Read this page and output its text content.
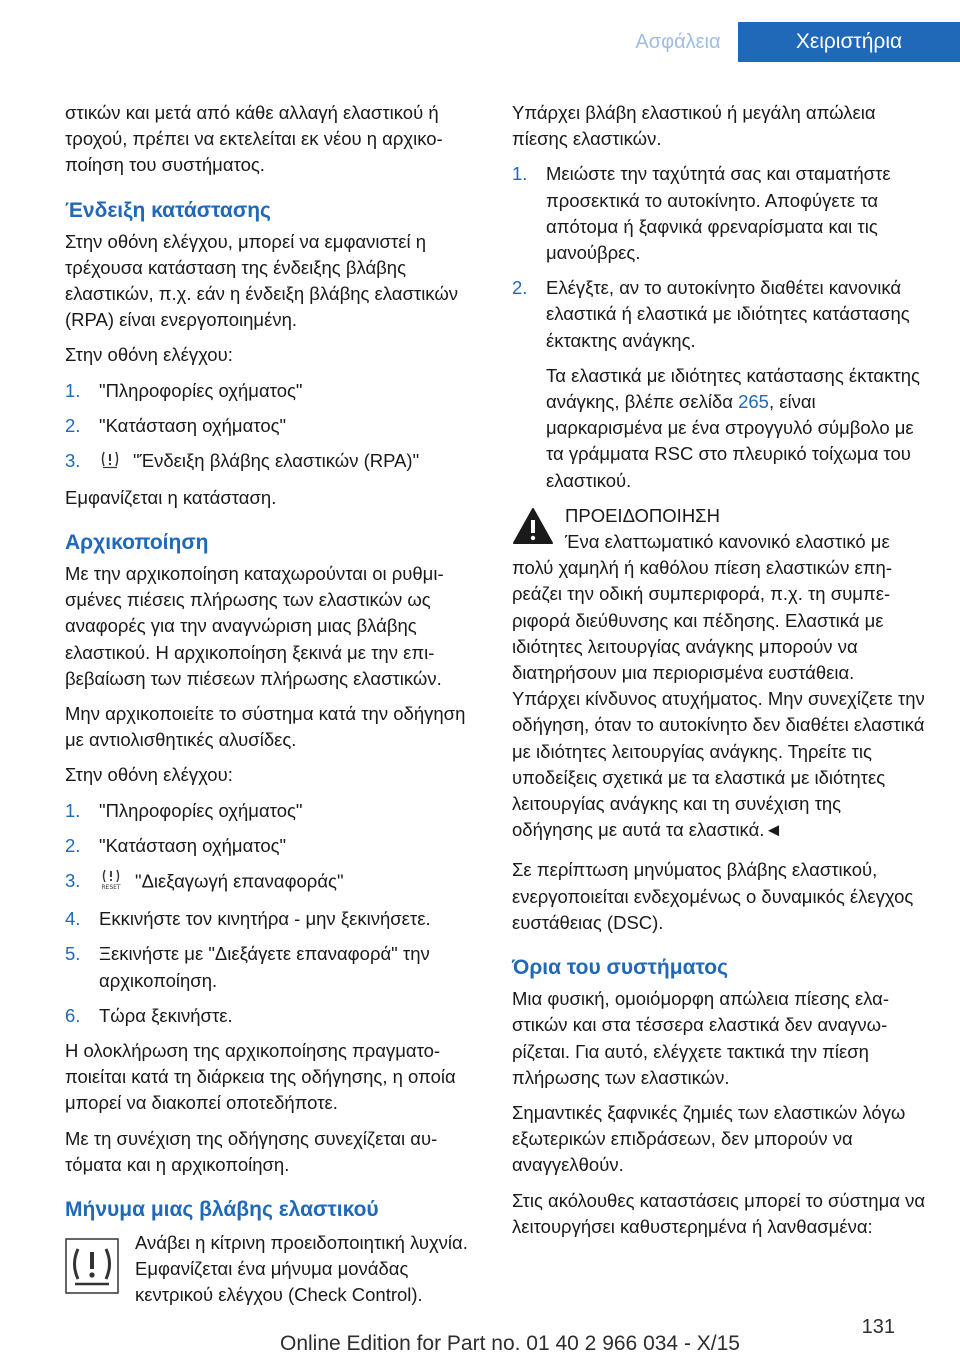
Ασφάλεια	Χειριστήρια

στικών και μετά από κάθε αλλαγή ελαστικού ή τροχού, πρέπει να εκτελείται εκ νέου η αρχικοποίηση του συστήματος.

Ένδειξη κατάστασης

Στην οθόνη ελέγχου, μπορεί να εμφανιστεί η τρέχουσα κατάσταση της ένδειξης βλάβης ελαστικών, π.χ. εάν η ένδειξη βλάβης ελαστικών (RPA) είναι ενεργοποιημένη.

Στην οθόνη ελέγχου:

1. "Πληροφορίες οχήματος"
2. "Κατάσταση οχήματος"
3.	"Ένδειξη βλάβης ελαστικών (RPA)"

Εμφανίζεται η κατάσταση.

Αρχικοποίηση

Με την αρχικοποίηση καταχωρούνται οι ρυθμισμένες πιέσεις πλήρωσης των ελαστικών ως αναφορές για την αναγνώριση μιας βλάβης ελαστικού. Η αρχικοποίηση ξεκινά με την επιβεβαίωση των πιέσεων πλήρωσης ελαστικών.

Μην αρχικοποιείτε το σύστημα κατά την οδήγηση με αντιολισθητικές αλυσίδες.

Στην οθόνη ελέγχου:

1. "Πληροφορίες οχήματος"
2. "Κατάσταση οχήματος"
3.	RESET "Διεξαγωγή επαναφοράς"
4. Εκκινήστε τον κινητήρα - μην ξεκινήσετε.
5. Ξεκινήστε με "Διεξάγετε επαναφορά" την αρχικοποίηση.
6. Τώρα ξεκινήστε.

Η ολοκλήρωση της αρχικοποίησης πραγματοποιείται κατά τη διάρκεια της οδήγησης, η οποία μπορεί να διακοπεί οποτεδήποτε.

Με τη συνέχιση της οδήγησης συνεχίζεται αυτόματα και η αρχικοποίηση.

Μήνυμα μιας βλάβης ελαστικού

Ανάβει η κίτρινη προειδοποιητική λυχνία. Εμφανίζεται ένα μήνυμα μονάδας κεντρικού ελέγχου (Check Control).

Υπάρχει βλάβη ελαστικού ή μεγάλη απώλεια πίεσης ελαστικών.

1. Μειώστε την ταχύτητά σας και σταματήστε προσεκτικά το αυτοκίνητο. Αποφύγετε τα απότομα ή ξαφνικά φρεναρίσματα και τις μανούβρες.
2. Ελέγξτε, αν το αυτοκίνητο διαθέτει κανονικά ελαστικά ή ελαστικά με ιδιότητες κατάστασης έκτακτης ανάγκης.

Τα ελαστικά με ιδιότητες κατάστασης έκτακτης ανάγκης, βλέπε σελίδα 265, είναι μαρκαρισμένα με ένα στρογγυλό σύμβολο με τα γράμματα RSC στο πλευρικό τοίχωμα του ελαστικού.

ΠΡΟΕΙΔΟΠΟΙΗΣΗ

Ένα ελαττωματικό κανονικό ελαστικό με

πολύ χαμηλή ή καθόλου πίεση ελαστικών επηρεάζει την οδική συμπεριφορά, π.χ. τη συμπεριφορά διεύθυνσης και πέδησης. Ελαστικά με ιδιότητες λειτουργίας ανάγκης μπορούν να διατηρήσουν μια περιορισμένα ευστάθεια. Υπάρχει κίνδυνος ατυχήματος. Μην συνεχίζετε την οδήγηση, όταν το αυτοκίνητο δεν διαθέτει ελαστικά με ιδιότητες λειτουργίας ανάγκης. Τηρείτε τις υποδείξεις σχετικά με τα ελαστικά με ιδιότητες λειτουργίας ανάγκης και τη συνέχιση της οδήγησης με αυτά τα ελαστικά.◄

Σε περίπτωση μηνύματος βλάβης ελαστικού, ενεργοποιείται ενδεχομένως ο δυναμικός έλεγχος ευστάθειας (DSC).

Όρια του συστήματος

Μια φυσική, ομοιόμορφη απώλεια πίεσης ελαστικών και στα τέσσερα ελαστικά δεν αναγνωρίζεται. Για αυτό, ελέγχετε τακτικά την πίεση πλήρωσης των ελαστικών.

Σημαντικές ξαφνικές ζημιές των ελαστικών λόγω εξωτερικών επιδράσεων, δεν μπορούν να αναγγελθούν.

Στις ακόλουθες καταστάσεις μπορεί το σύστημα να λειτουργήσει καθυστερημένα ή λανθασμένα:

131
Online Edition for Part no. 01 40 2 966 034 - X/15
